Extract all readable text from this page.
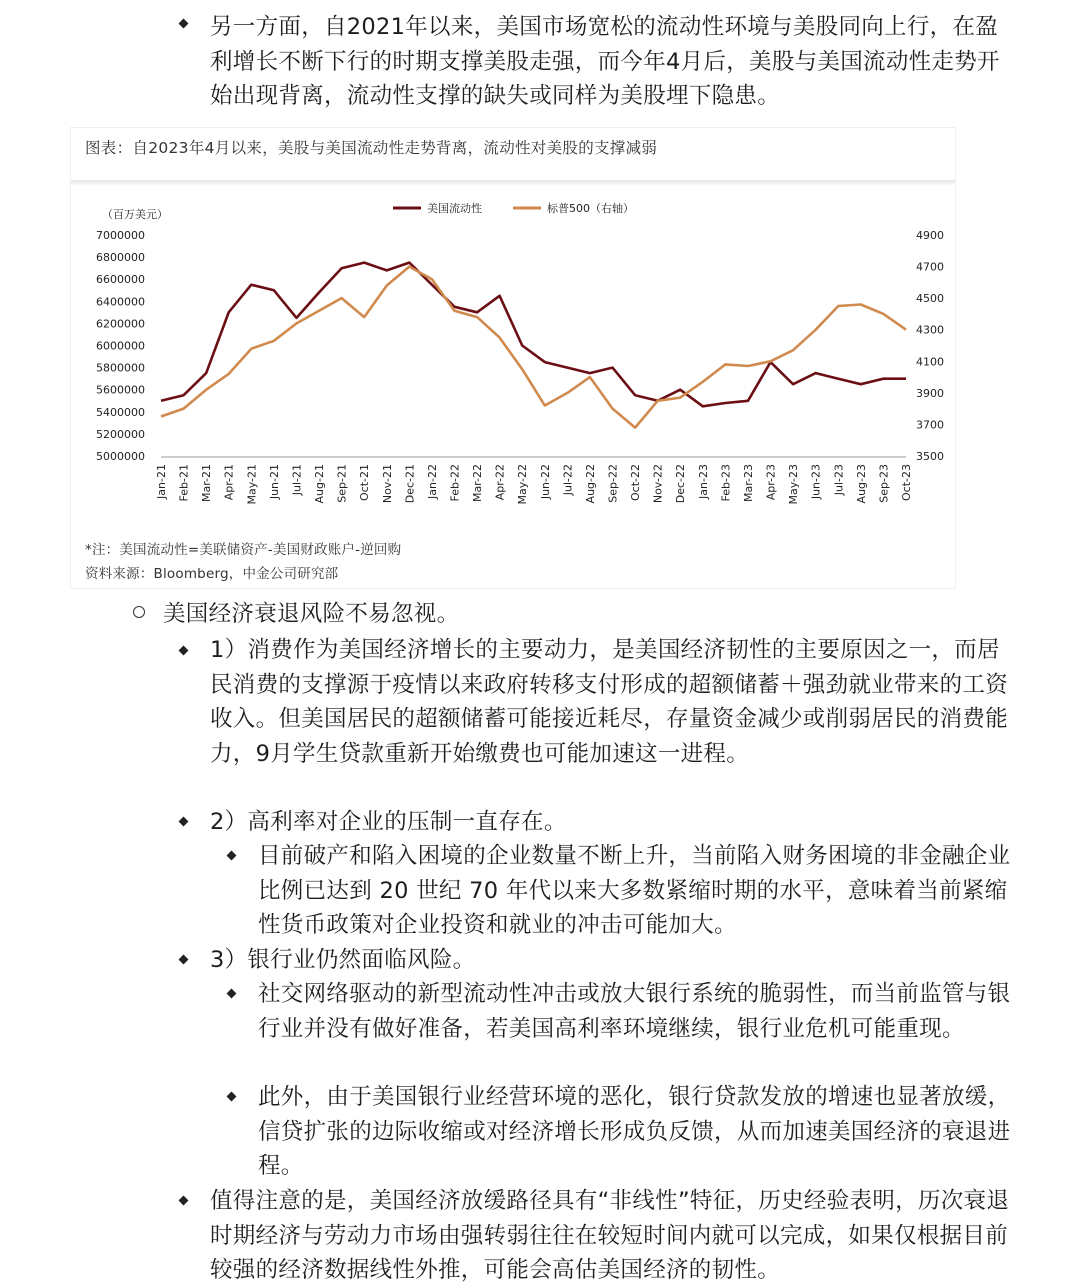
另一方面，自2021年以来，美国市场宽松的流动性环境与美股同向上行，在盈利增长不断下行的时期支撑美股走强，而今年4月后，美股与美国流动性走势开始出现背离，流动性支撑的缺失或同样为美股埋下隐患。
图表：自2023年4月以来，美股与美国流动性走势背离，流动性对美股的支撑减弱
（百万美元）	美国流动性	标普500（右轴）
7000000
6800000
6600000
6400000
6200000
6000000
5800000
5600000
5400000
5200000
5000000
4900
4700
4500
4300
4100
3900
3700
3500
Jan-21 Feb-21 Mar-21 Apr-21 May-21 Jun-21 Jul-21 Aug-21 Sep-21 Oct-21 Nov-21 Dec-21 Jan-22 Feb-22 Mar-22 Apr-22 May-22 Jun-22 Jul-22 Aug-22 Sep-22 Oct-22 Nov-22 Dec-22 Jan-23 Feb-23 Mar-23 Apr-23 May-23 Jun-23 Jul-23 Aug-23 Sep-23 Oct-23
*注：美国流动性=美联储资产-美国财政账户-逆回购
资料来源：Bloomberg，中金公司研究部
美国经济衰退风险不易忽视。
1）消费作为美国经济增长的主要动力，是美国经济韧性的主要原因之一，而居民消费的支撑源于疫情以来政府转移支付形成的超额储蓄＋强劲就业带来的工资收入。但美国居民的超额储蓄可能接近耗尽，存量资金减少或削弱居民的消费能力，9月学生贷款重新开始缴费也可能加速这一进程。
2）高利率对企业的压制一直存在。
目前破产和陷入困境的企业数量不断上升，当前陷入财务困境的非金融企业比例已达到 20 世纪 70 年代以来大多数紧缩时期的水平，意味着当前紧缩性货币政策对企业投资和就业的冲击可能加大。
3）银行业仍然面临风险。
社交网络驱动的新型流动性冲击或放大银行系统的脆弱性，而当前监管与银行业并没有做好准备，若美国高利率环境继续，银行业危机可能重现。
此外，由于美国银行业经营环境的恶化，银行贷款发放的增速也显著放缓，信贷扩张的边际收缩或对经济增长形成负反馈，从而加速美国经济的衰退进程。
值得注意的是，美国经济放缓路径具有“非线性”特征，历史经验表明，历次衰退时期经济与劳动力市场由强转弱往往在较短时间内就可以完成，如果仅根据目前较强的经济数据线性外推，可能会高估美国经济的韧性。
